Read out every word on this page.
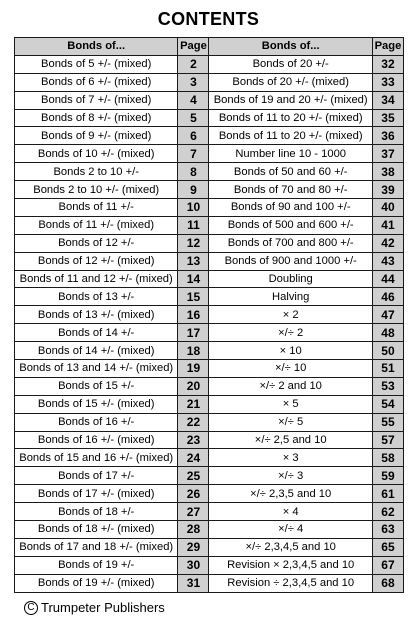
CONTENTS
Bonds of...	Page	Bonds of...	Page
Bonds of 5 +/- (mixed)	2	Bonds of 20 +/-	32
Bonds of 6 +/- (mixed)	3	Bonds of 20 +/- (mixed)	33
Bonds of 7 +/- (mixed)	4	Bonds of 19 and 20 +/- (mixed)	34
Bonds of 8 +/- (mixed)	5	Bonds of 11 to 20 +/- (mixed)	35
Bonds of 9 +/- (mixed)	6	Bonds of 11 to 20 +/- (mixed)	36
Bonds of 10 +/- (mixed)	7	Number line 10 - 1000	37
Bonds 2 to 10 +/-	8	Bonds of 50 and 60 +/-	38
Bonds 2 to 10 +/- (mixed)	9	Bonds of 70 and 80 +/-	39
Bonds of 11 +/-	10	Bonds of 90 and 100 +/-	40
Bonds of 11 +/- (mixed)	11	Bonds of 500 and 600 +/-	41
Bonds of 12 +/-	12	Bonds of 700 and 800 +/-	42
Bonds of 12 +/- (mixed)	13	Bonds of 900 and 1000 +/-	43
Bonds of 11 and 12 +/- (mixed)	14	Doubling	44
Bonds of 13 +/-	15	Halving	46
Bonds of 13 +/- (mixed)	16	× 2	47
Bonds of 14 +/-	17	×/÷ 2	48
Bonds of 14 +/- (mixed)	18	× 10	50
Bonds of 13 and 14 +/- (mixed)	19	×/÷ 10	51
Bonds of 15 +/-	20	×/÷ 2 and 10	53
Bonds of 15 +/- (mixed)	21	× 5	54
Bonds of 16 +/-	22	×/÷ 5	55
Bonds of 16 +/- (mixed)	23	×/÷ 2,5 and 10	57
Bonds of 15 and 16 +/- (mixed)	24	× 3	58
Bonds of 17 +/-	25	×/÷ 3	59
Bonds of 17 +/- (mixed)	26	×/÷ 2,3,5 and 10	61
Bonds of 18 +/-	27	× 4	62
Bonds of 18 +/- (mixed)	28	×/÷ 4	63
Bonds of 17 and 18 +/- (mixed)	29	×/÷ 2,3,4,5 and 10	65
Bonds of 19 +/-	30	Revision × 2,3,4,5 and 10	67
Bonds of 19 +/- (mixed)	31	Revision ÷ 2,3,4,5 and 10	68
C Trumpeter Publishers
